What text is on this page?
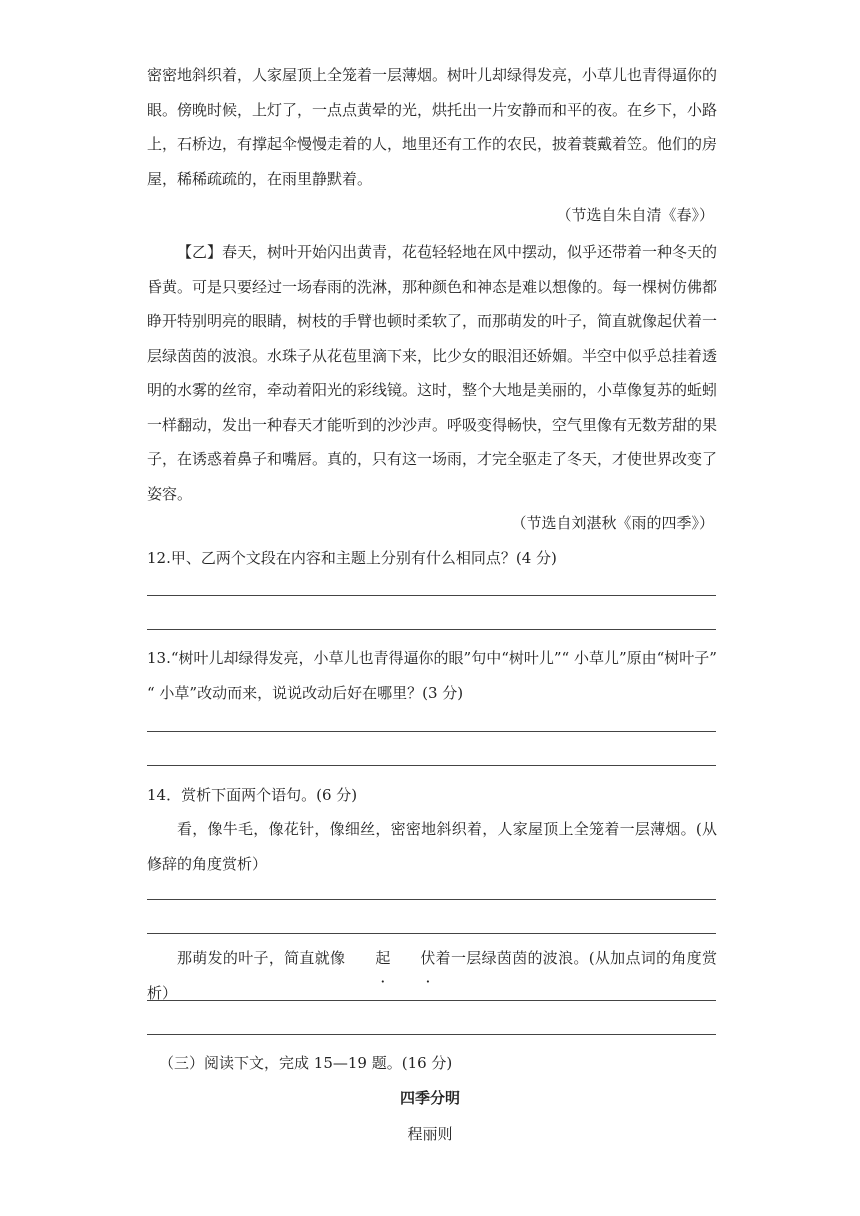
密密地斜织着，人家屋顶上全笼着一层薄烟。树叶儿却绿得发亮，小草儿也青得逼你的眼。傍晚时候，上灯了，一点点黄晕的光，烘托出一片安静而和平的夜。在乡下，小路上，石桥边，有撑起伞慢慢走着的人，地里还有工作的农民，披着蓑戴着笠。他们的房屋，稀稀疏疏的，在雨里静默着。

（节选自朱自清《春》）

【乙】春天，树叶开始闪出黄青，花苞轻轻地在风中摆动，似乎还带着一种冬天的昏黄。可是只要经过一场春雨的洗淋，那种颜色和神态是难以想像的。每一棵树仿佛都睁开特别明亮的眼睛，树枝的手臂也顿时柔软了，而那萌发的叶子，简直就像起伏着一层绿茵茵的波浪。水珠子从花苞里滴下来，比少女的眼泪还娇媚。半空中似乎总挂着透明的水雾的丝帘，牵动着阳光的彩线镜。这时，整个大地是美丽的，小草像复苏的蚯蚓一样翻动，发出一种春天才能听到的沙沙声。呼吸变得畅快，空气里像有无数芳甜的果子，在诱惑着鼻子和嘴唇。真的，只有这一场雨，才完全驱走了冬天，才使世界改变了姿容。

（节选自刘湛秋《雨的四季》）

12.甲、乙两个文段在内容和主题上分别有什么相同点？(4 分)

13.“树叶儿却绿得发亮，小草儿也青得逼你的眼”句中“树叶儿”“ 小草儿”原由“树叶子” “ 小草”改动而来，说说改动后好在哪里？(3 分)

14．赏析下面两个语句。(6 分)

看，像牛毛，像花针，像细丝，密密地斜织着，人家屋顶上全笼着一层薄烟。(从修辞的角度赏析）

那萌发的叶子，简直就像 起 伏着一层绿茵茵的波浪。(从加点词的角度赏析）

（三）阅读下文，完成 15—19 题。(16 分)

四季分明

程丽则
